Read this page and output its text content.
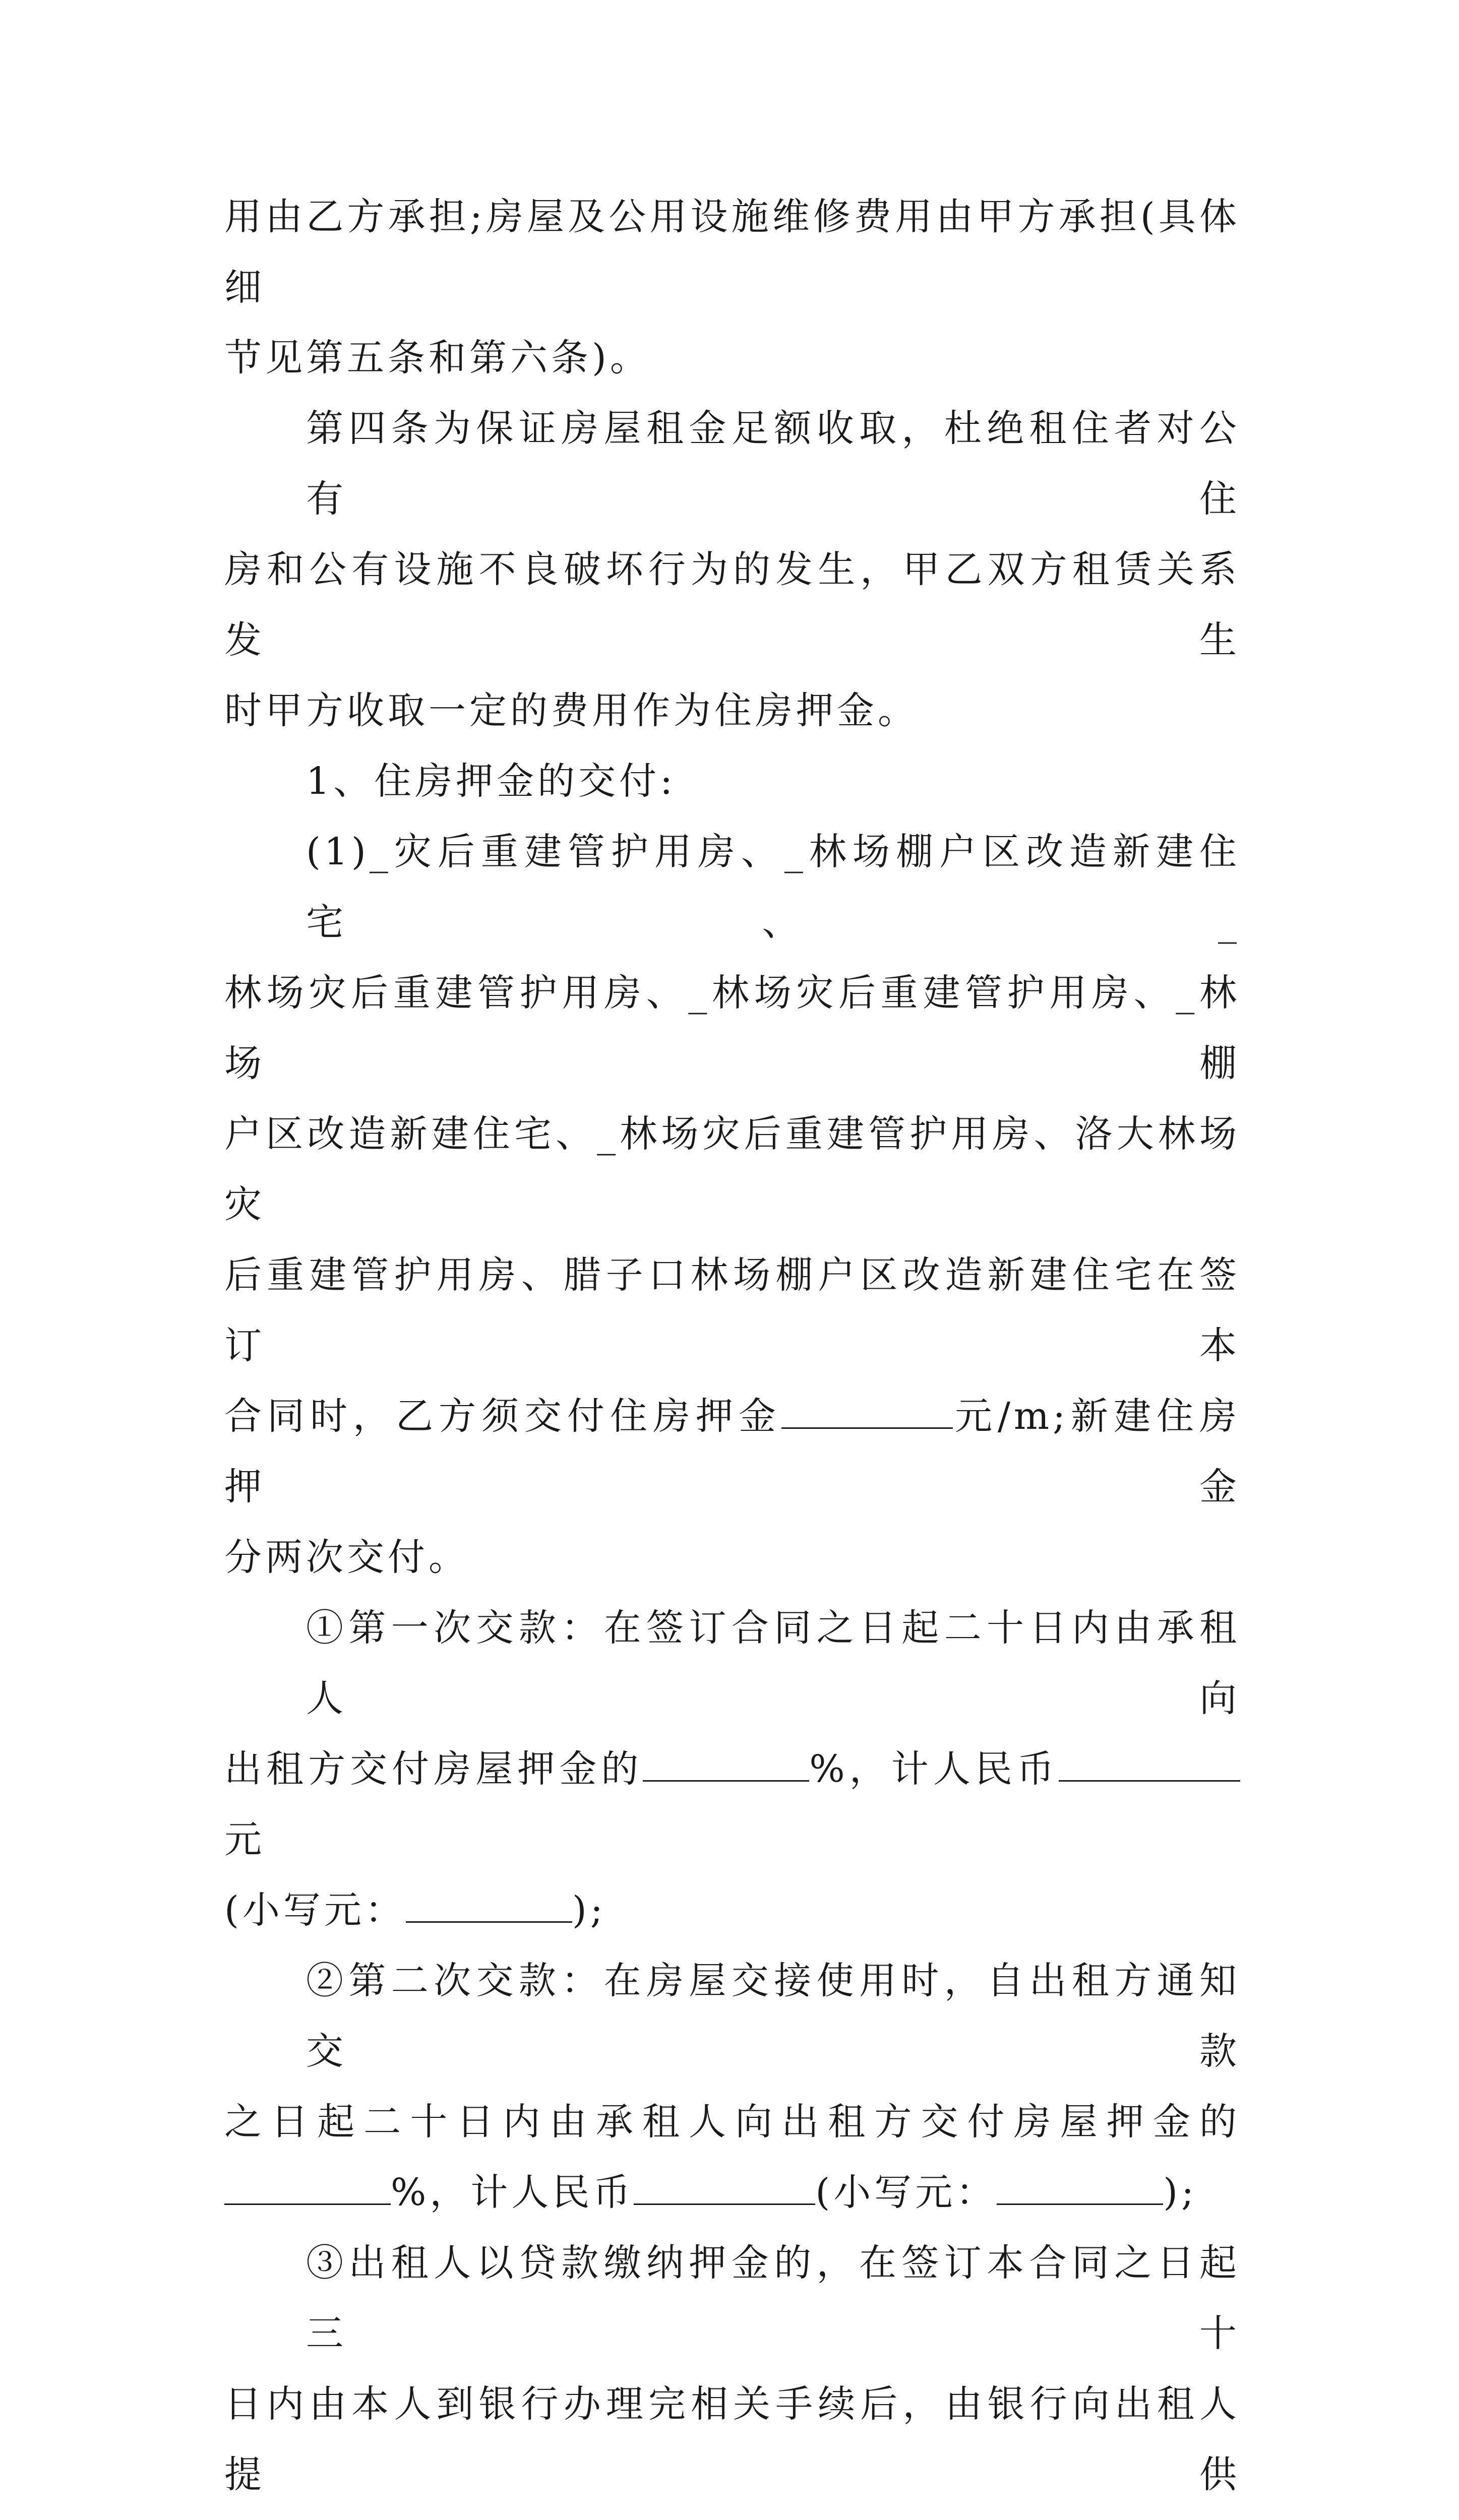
用由乙方承担;房屋及公用设施维修费用由甲方承担(具体细
节见第五条和第六条)。
第四条为保证房屋租金足额收取，杜绝租住者对公有住
房和公有设施不良破坏行为的发生，甲乙双方租赁关系发生
时甲方收取一定的费用作为住房押金。
1、住房押金的交付:
(1)_灾后重建管护用房、_林场棚户区改造新建住宅、_
林场灾后重建管护用房、_林场灾后重建管护用房、_林场棚
户区改造新建住宅、_林场灾后重建管护用房、洛大林场灾
后重建管护用房、腊子口林场棚户区改造新建住宅在签订本
合同时，乙方须交付住房押金	元/m;新建住房押金
分两次交付。
①第一次交款：在签订合同之日起二十日内由承租人向
出租方交付房屋押金的	%，计人民币元
(小写元：	);
②第二次交款：在房屋交接使用时，自出租方通知交款
之日起二十日内由承租人向出租方交付房屋押金的
%，计人民币	(小写元：	);
③出租人以贷款缴纳押金的，在签订本合同之日起三十
日内由本人到银行办理完相关手续后，由银行向出租人提供
